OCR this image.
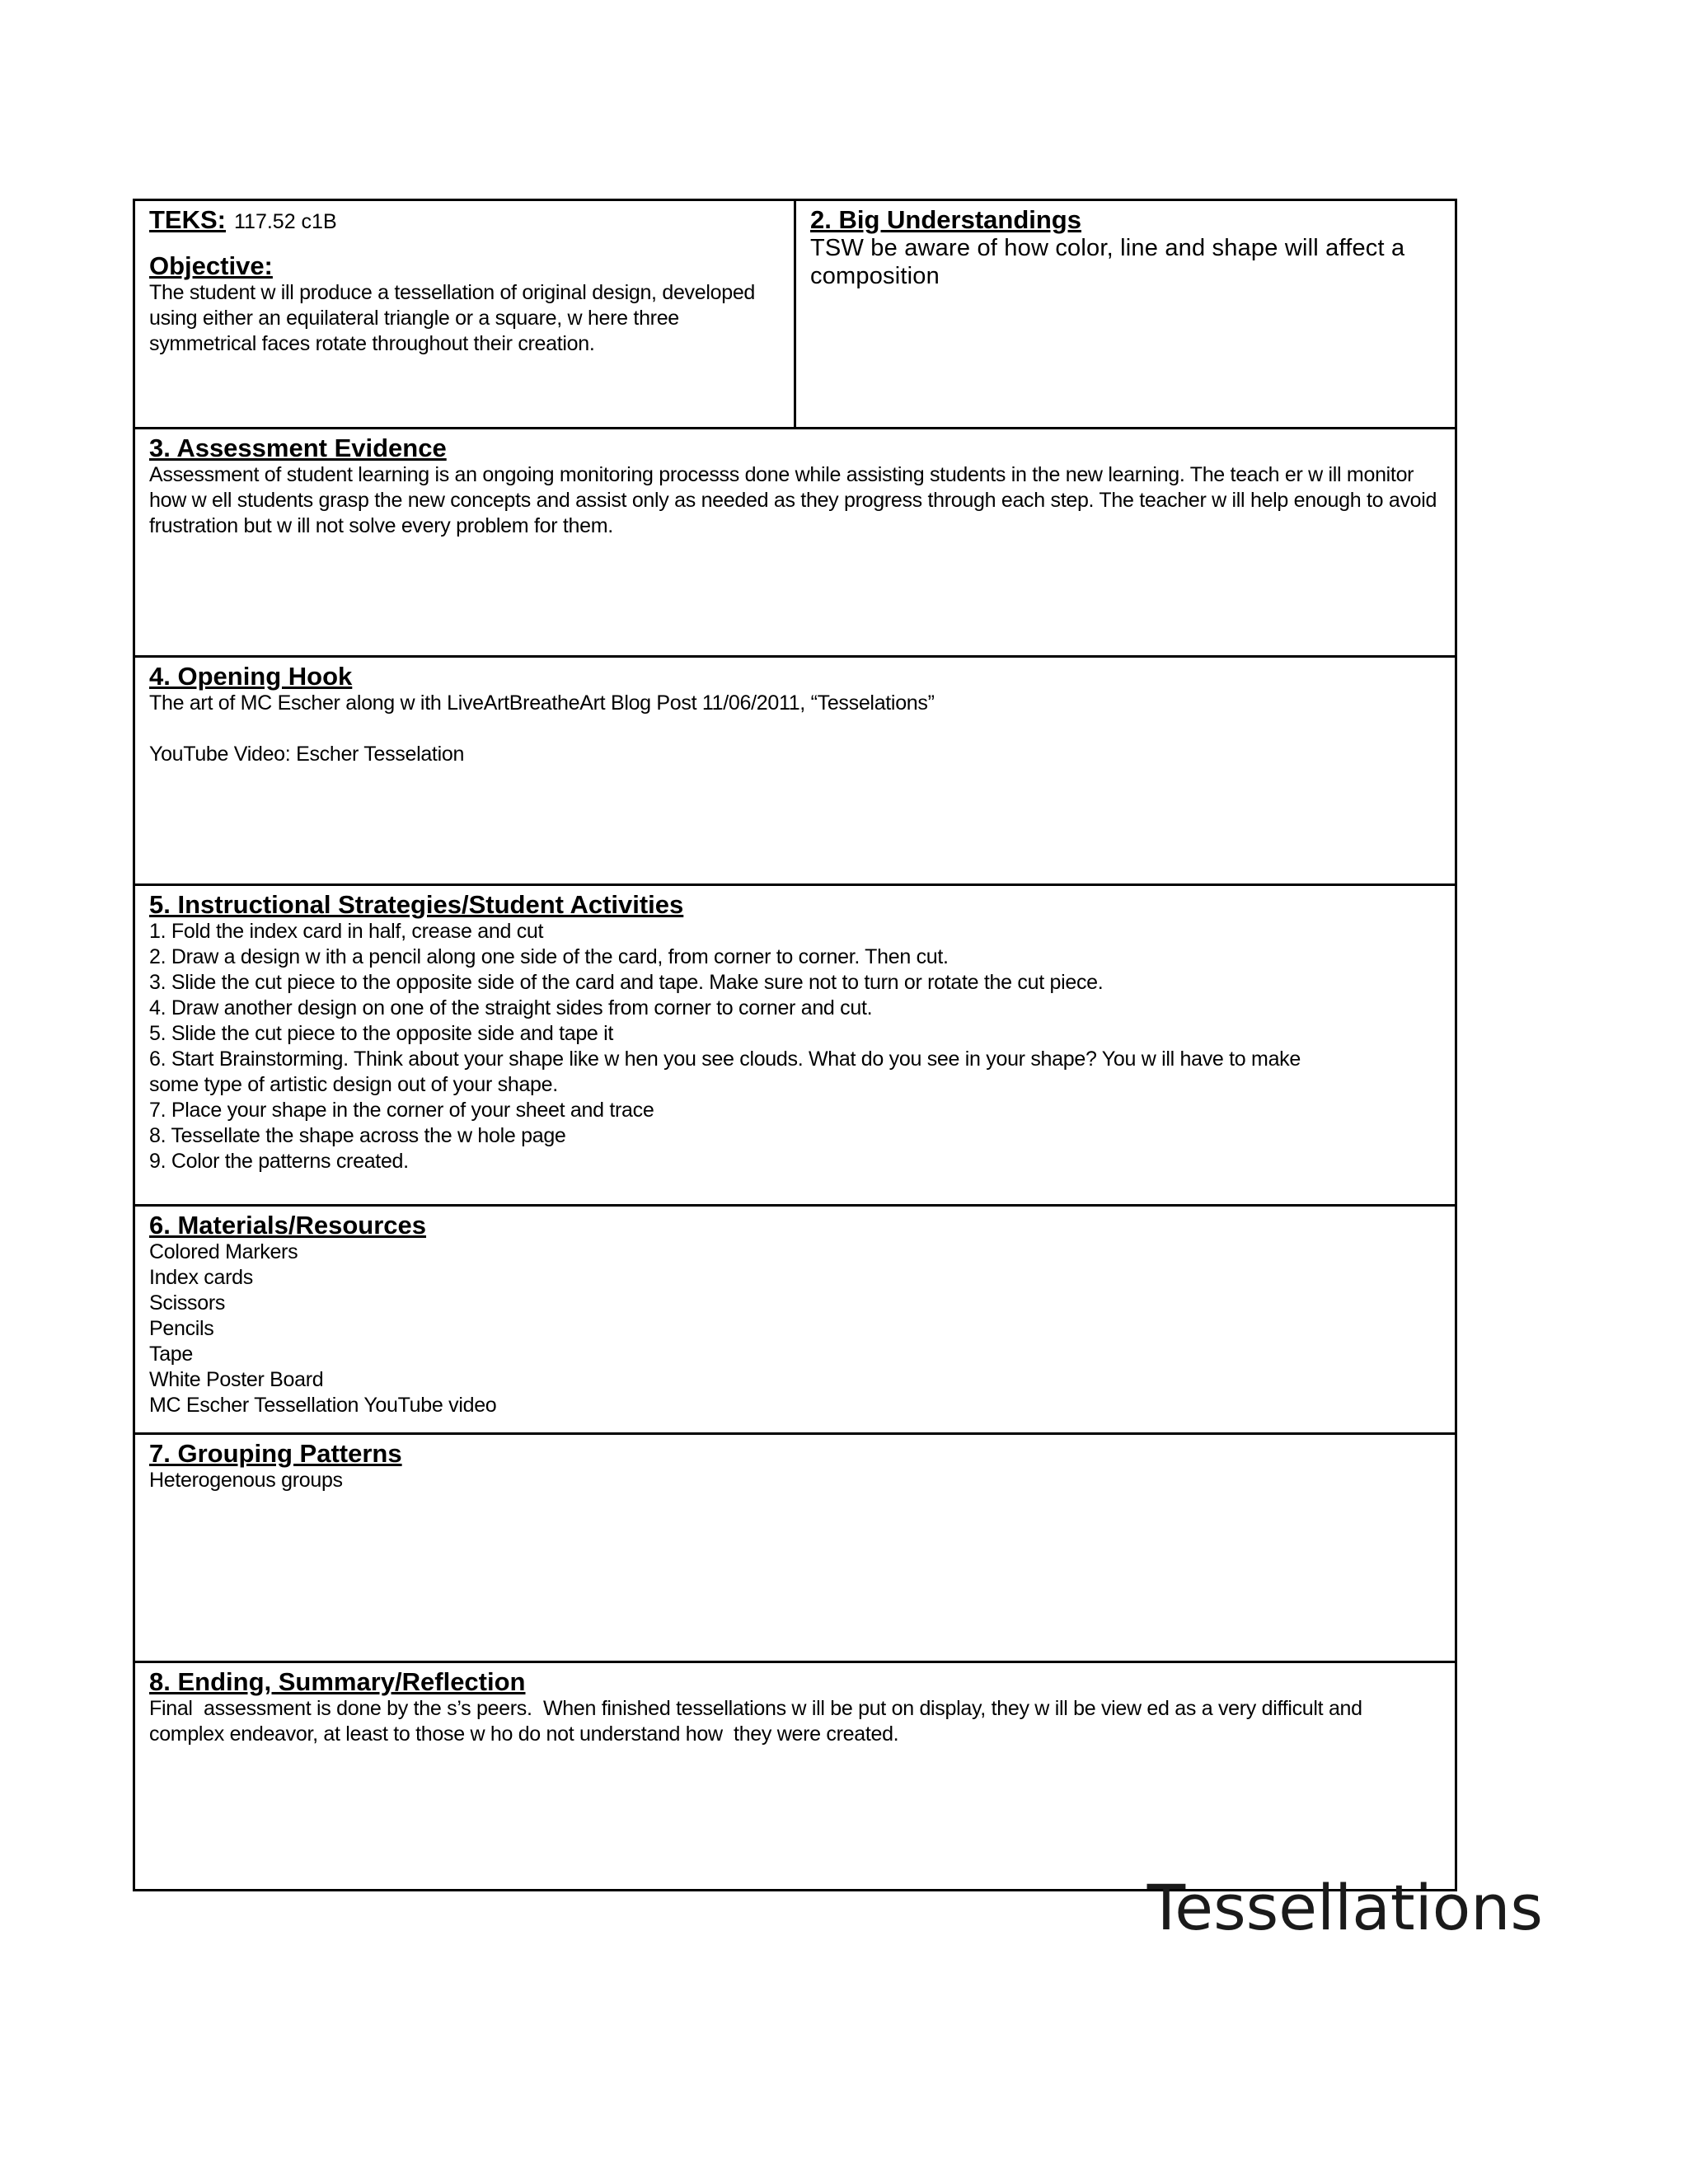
TEKS: 117.52 c1B
Objective:
The student w ill produce a tessellation of original design, developed using either an equilateral triangle or a square, w here three symmetrical faces rotate throughout their creation.

2. Big Understandings
TSW be aware of how color, line and shape will affect a composition

3. Assessment Evidence
Assessment of student learning is an ongoing monitoring processs done while assisting students in the new learning. The teach er w ill monitor how w ell students grasp the new concepts and assist only as needed as they progress through each step. The teacher w ill help enough to avoid frustration but w ill not solve every problem for them.

4. Opening Hook
The art of MC Escher along w ith LiveArtBreatheArt Blog Post 11/06/2011, “Tesselations”
YouTube Video: Escher Tesselation

5. Instructional Strategies/Student Activities
1. Fold the index card in half, crease and cut
2. Draw a design w ith a pencil along one side of the card, from corner to corner. Then cut.
3. Slide the cut piece to the opposite side of the card and tape. Make sure not to turn or rotate the cut piece.
4. Draw another design on one of the straight sides from corner to corner and cut.
5. Slide the cut piece to the opposite side and tape it
6. Start Brainstorming. Think about your shape like w hen you see clouds. What do you see in your shape? You w ill have to make
some type of artistic design out of your shape.
7. Place your shape in the corner of your sheet and trace
8. Tessellate the shape across the w hole page
9. Color the patterns created.

6. Materials/Resources
Colored Markers
Index cards
Scissors
Pencils
Tape
White Poster Board
MC Escher Tessellation YouTube video

7. Grouping Patterns
Heterogenous groups

8. Ending, Summary/Reflection
Final  assessment is done by the s’s peers.  When finished tessellations w ill be put on display, they w ill be view ed as a very difficult and complex endeavor, at least to those w ho do not understand how  they were created.
Tessellations
